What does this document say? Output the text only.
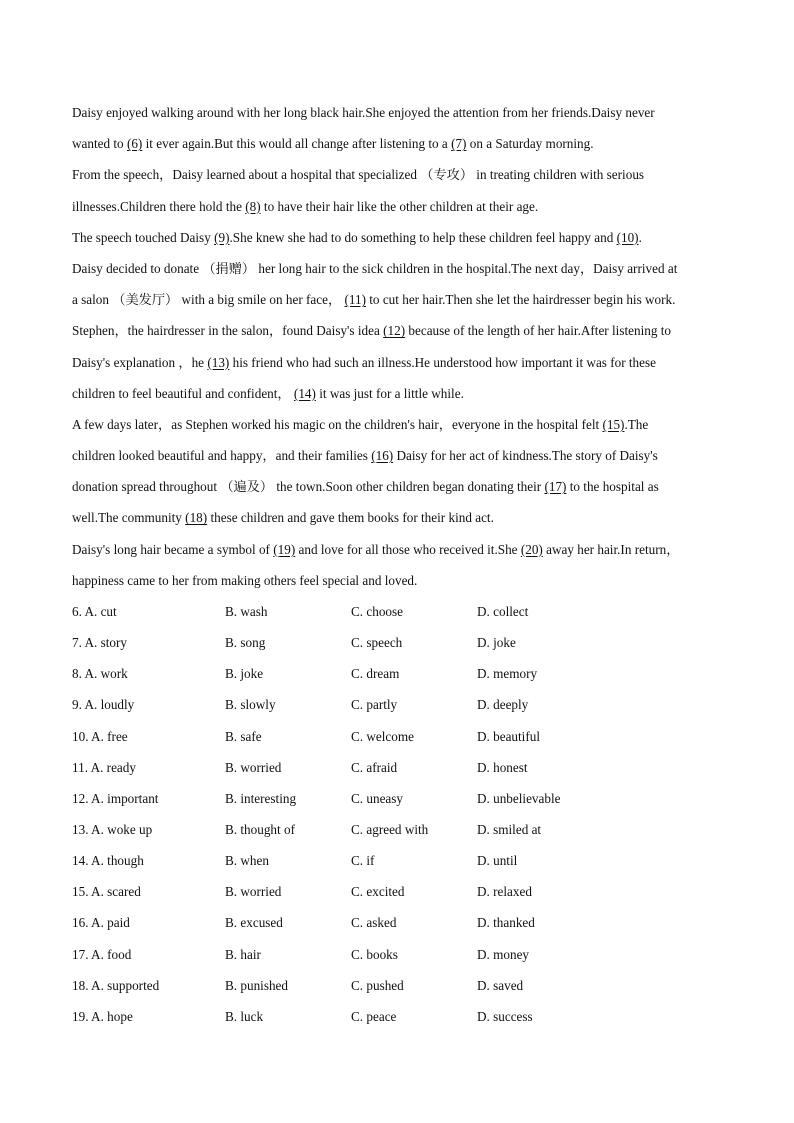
Daisy enjoyed walking around with her long black hair.She enjoyed the attention from her friends.Daisy never
wanted to (6) it ever again.But this would all change after listening to a (7) on a Saturday morning.
From the speech，Daisy learned about a hospital that specialized （专攻） in treating children with serious
illnesses.Children there hold the (8) to have their hair like the other children at their age.
The speech touched Daisy (9).She knew she had to do something to help these children feel happy and (10).
Daisy decided to donate （捐赠） her long hair to the sick children in the hospital.The next day，Daisy arrived at
a salon （美发厅） with a big smile on her face， (11) to cut her hair.Then she let the hairdresser begin his work.
Stephen，the hairdresser in the salon，found Daisy's idea (12) because of the length of her hair.After listening to
Daisy's explanation ，he (13) his friend who had such an illness.He understood how important it was for these
children to feel beautiful and confident， (14) it was just for a little while.
A few days later，as Stephen worked his magic on the children's hair，everyone in the hospital felt (15).The
children looked beautiful and happy，and their families (16) Daisy for her act of kindness.The story of Daisy's
donation spread throughout （遍及） the town.Soon other children began donating their (17) to the hospital as
well.The community (18) these children and gave them books for their kind act.
Daisy's long hair became a symbol of (19) and love for all those who received it.She (20) away her hair.In return，
happiness came to her from making others feel special and loved.
6. A. cut	B. wash	C. choose	D. collect
7. A. story	B. song	C. speech	D. joke
8. A. work	B. joke	C. dream	D. memory
9. A. loudly	B. slowly	C. partly	D. deeply
10. A. free	B. safe	C. welcome	D. beautiful
11. A. ready	B. worried	C. afraid	D. honest
12. A. important	B. interesting	C. uneasy	D. unbelievable
13. A. woke up	B. thought of	C. agreed with	D. smiled at
14. A. though	B. when	C. if	D. until
15. A. scared	B. worried	C. excited	D. relaxed
16. A. paid	B. excused	C. asked	D. thanked
17. A. food	B. hair	C. books	D. money
18. A. supported	B. punished	C. pushed	D. saved
19. A. hope	B. luck	C. peace	D. success
